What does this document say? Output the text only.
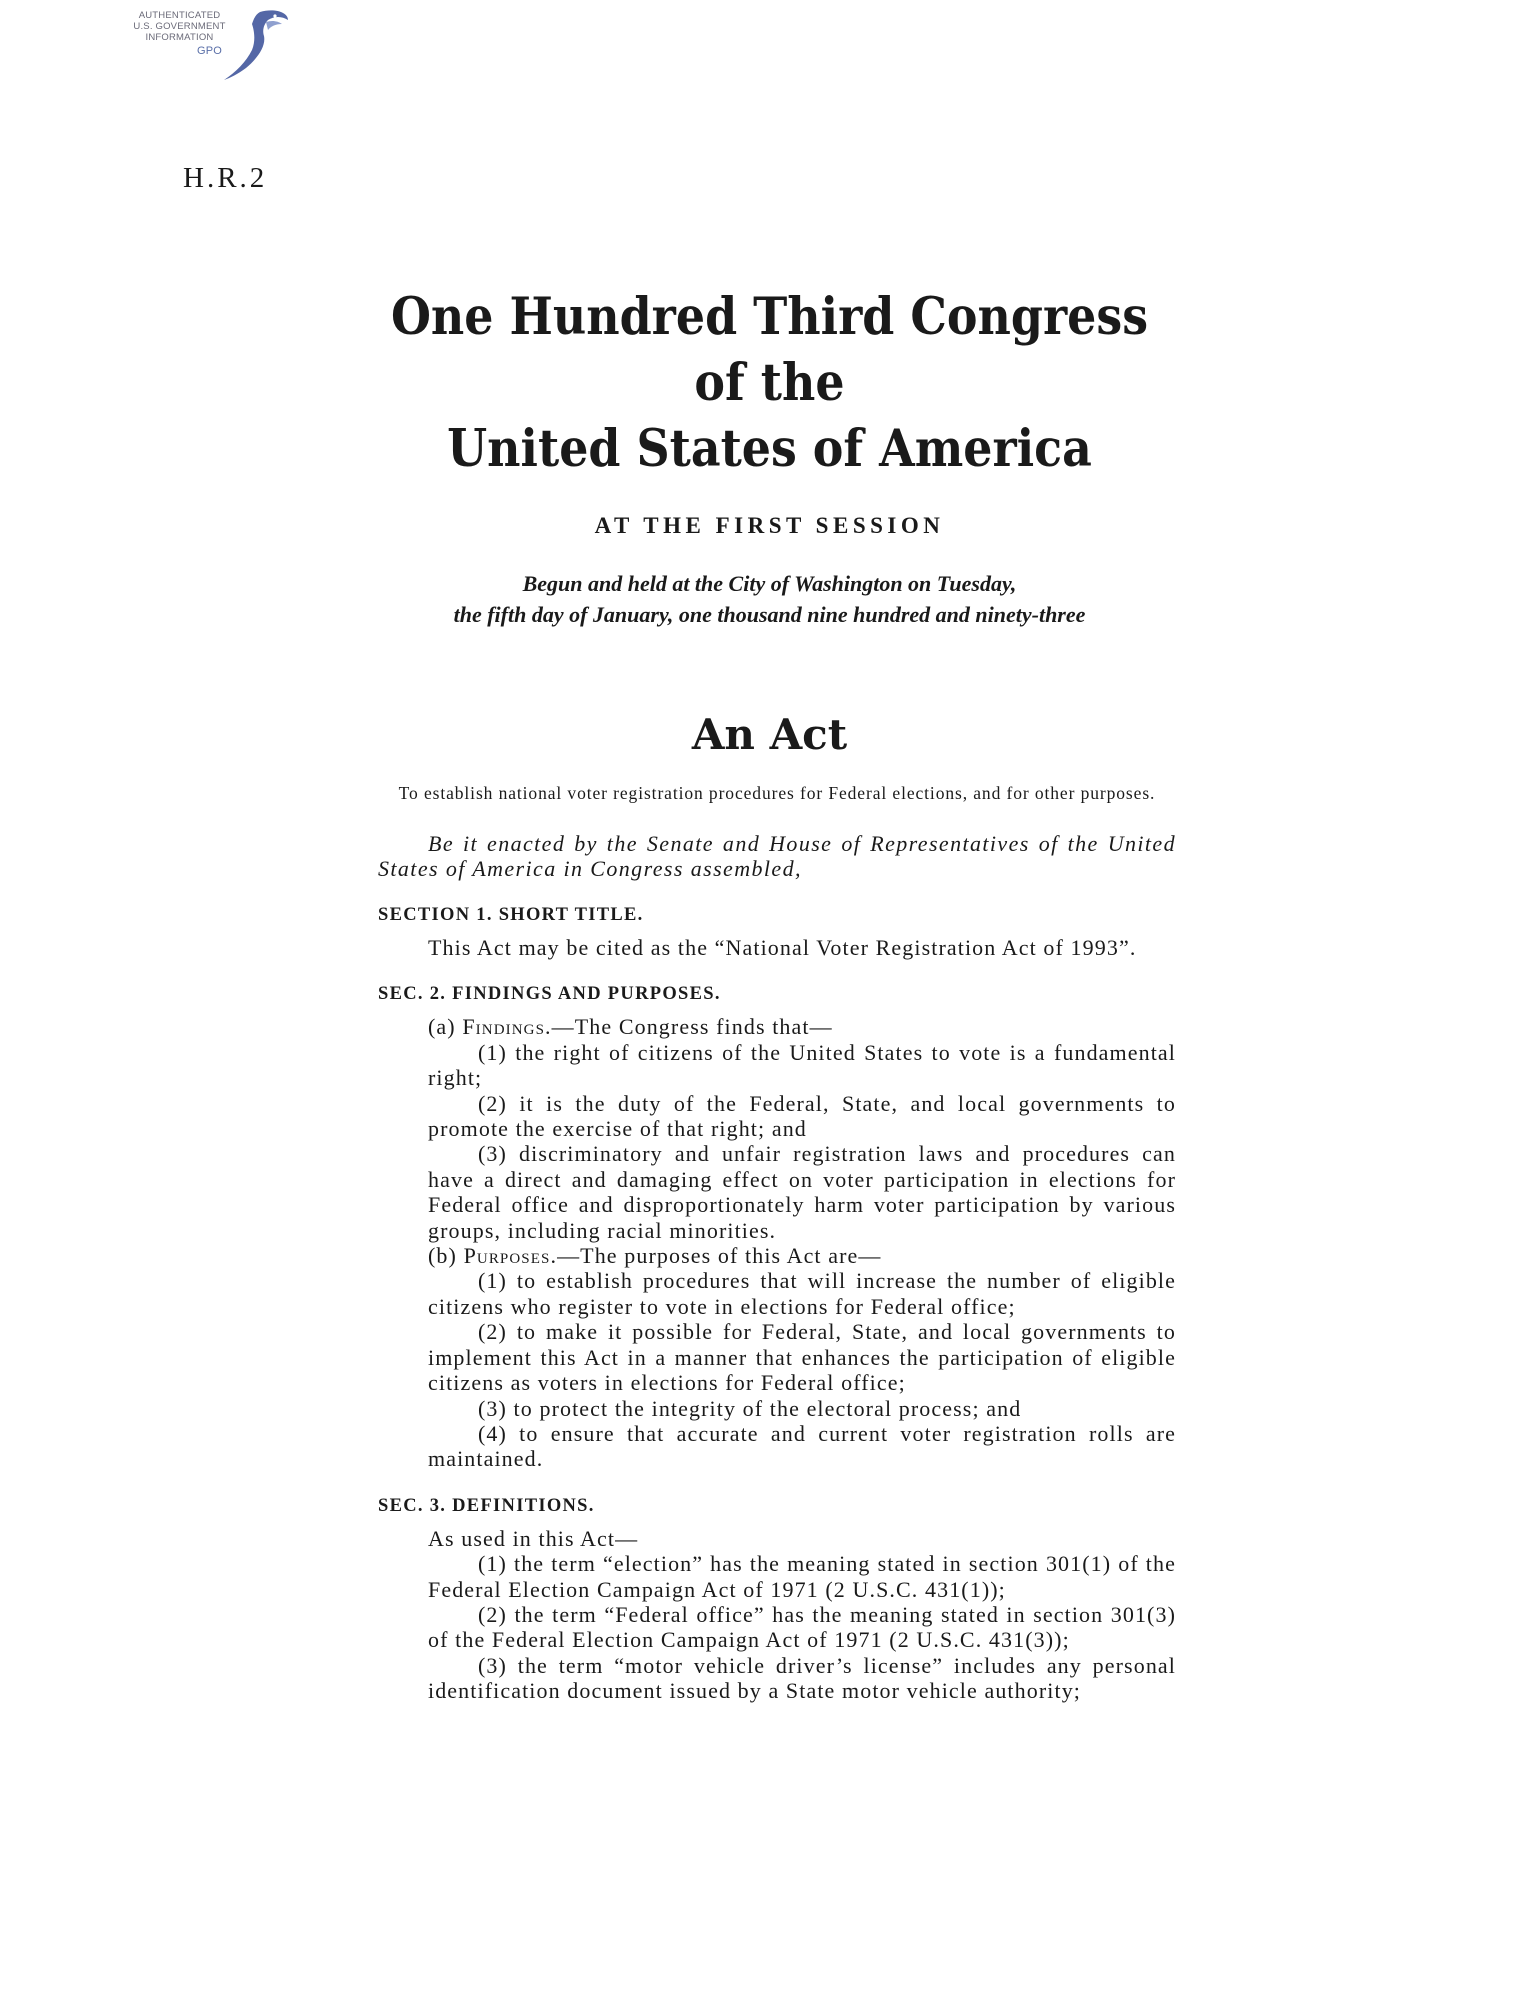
AUTHENTICATED
U.S. GOVERNMENT
INFORMATION
GPO
H.R.2
One Hundred Third Congress
of the
United States of America
AT THE FIRST SESSION
Begun and held at the City of Washington on Tuesday,
the fifth day of January, one thousand nine hundred and ninety-three
An Act

To establish national voter registration procedures for Federal elections, and for other purposes.

Be it enacted by the Senate and House of Representatives of the United States of America in Congress assembled,

SECTION 1. SHORT TITLE.

This Act may be cited as the “National Voter Registration Act of 1993”.

SEC. 2. FINDINGS AND PURPOSES.

(a) Findings.—The Congress finds that—

(1) the right of citizens of the United States to vote is a fundamental right;

(2) it is the duty of the Federal, State, and local governments to promote the exercise of that right; and

(3) discriminatory and unfair registration laws and procedures can have a direct and damaging effect on voter participation in elections for Federal office and disproportionately harm voter participation by various groups, including racial minorities.

(b) Purposes.—The purposes of this Act are—

(1) to establish procedures that will increase the number of eligible citizens who register to vote in elections for Federal office;

(2) to make it possible for Federal, State, and local governments to implement this Act in a manner that enhances the participation of eligible citizens as voters in elections for Federal office;

(3) to protect the integrity of the electoral process; and

(4) to ensure that accurate and current voter registration rolls are maintained.

SEC. 3. DEFINITIONS.

As used in this Act—

(1) the term “election” has the meaning stated in section 301(1) of the Federal Election Campaign Act of 1971 (2 U.S.C. 431(1));

(2) the term “Federal office” has the meaning stated in section 301(3) of the Federal Election Campaign Act of 1971 (2 U.S.C. 431(3));

(3) the term “motor vehicle driver’s license” includes any personal identification document issued by a State motor vehicle authority;
